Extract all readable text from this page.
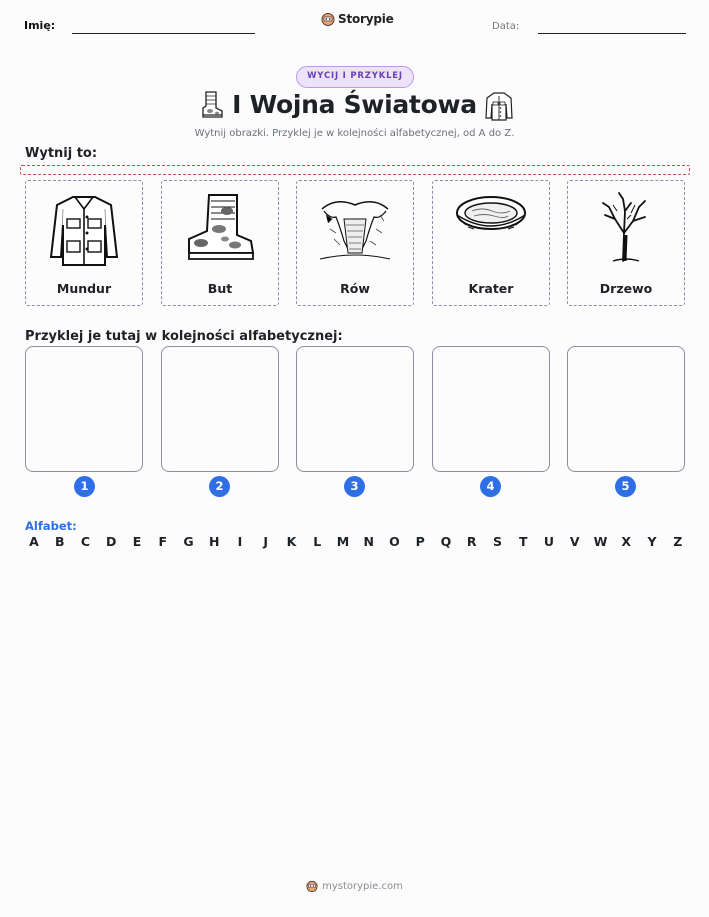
Imię:	Storypie
Data:
WYCIJ I PRZYKLEJ
I Wojna Światowa
Wytnij obrazki. Przyklej je w kolejności alfabetycznej, od A do Z.
Wytnij to:
Mundur	But	Rów	Krater	Drzewo
Przyklej je tutaj w kolejności alfabetycznej:
1	2	3	4	5
Alfabet:
A B C D E F G H	I	J	K	L	M N O P Q R S T U V W X Y Z
mystorypie.com
